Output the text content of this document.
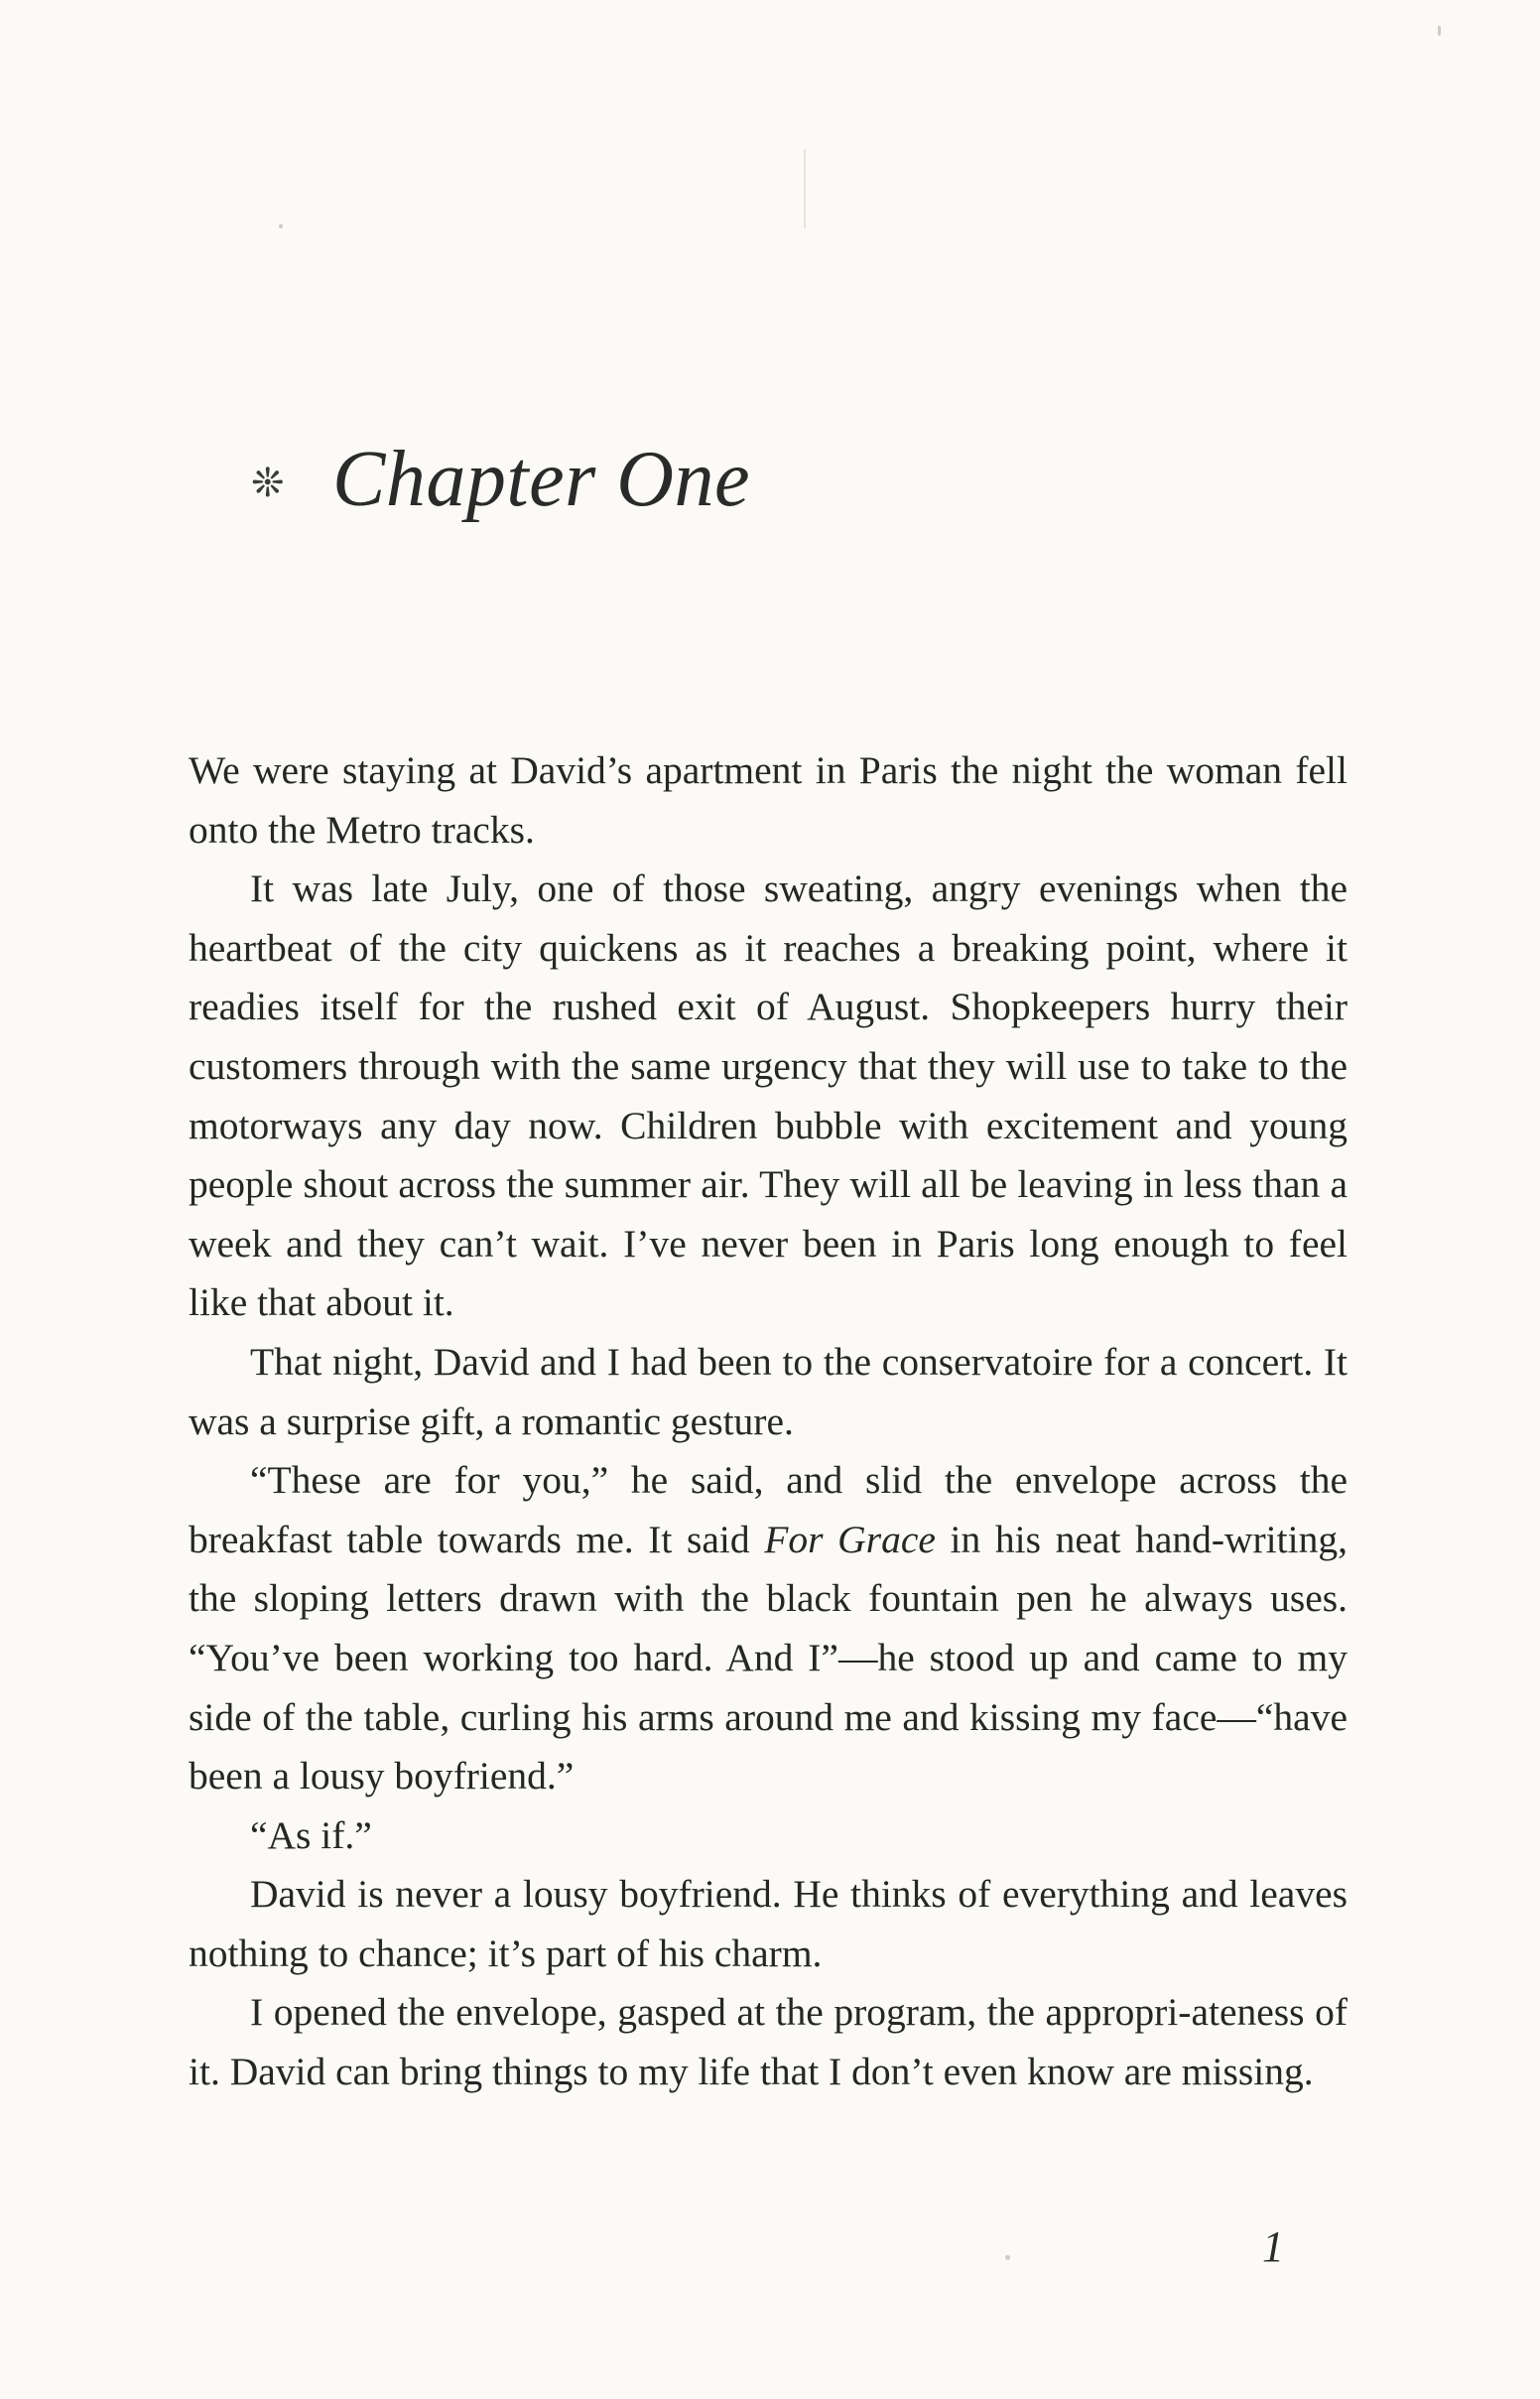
❊ Chapter One

We were staying at David’s apartment in Paris the night the woman fell onto the Metro tracks.

It was late July, one of those sweating, angry evenings when the heartbeat of the city quickens as it reaches a breaking point, where it readies itself for the rushed exit of August. Shopkeepers hurry their customers through with the same urgency that they will use to take to the motorways any day now. Children bubble with excitement and young people shout across the summer air. They will all be leaving in less than a week and they can’t wait. I’ve never been in Paris long enough to feel like that about it.

That night, David and I had been to the conservatoire for a concert. It was a surprise gift, a romantic gesture.

“These are for you,” he said, and slid the envelope across the breakfast table towards me. It said For Grace in his neat hand-writing, the sloping letters drawn with the black fountain pen he always uses. “You’ve been working too hard. And I”—he stood up and came to my side of the table, curling his arms around me and kissing my face—“have been a lousy boyfriend.”

“As if.”

David is never a lousy boyfriend. He thinks of everything and leaves nothing to chance; it’s part of his charm.

I opened the envelope, gasped at the program, the appropri-ateness of it. David can bring things to my life that I don’t even know are missing.

1
